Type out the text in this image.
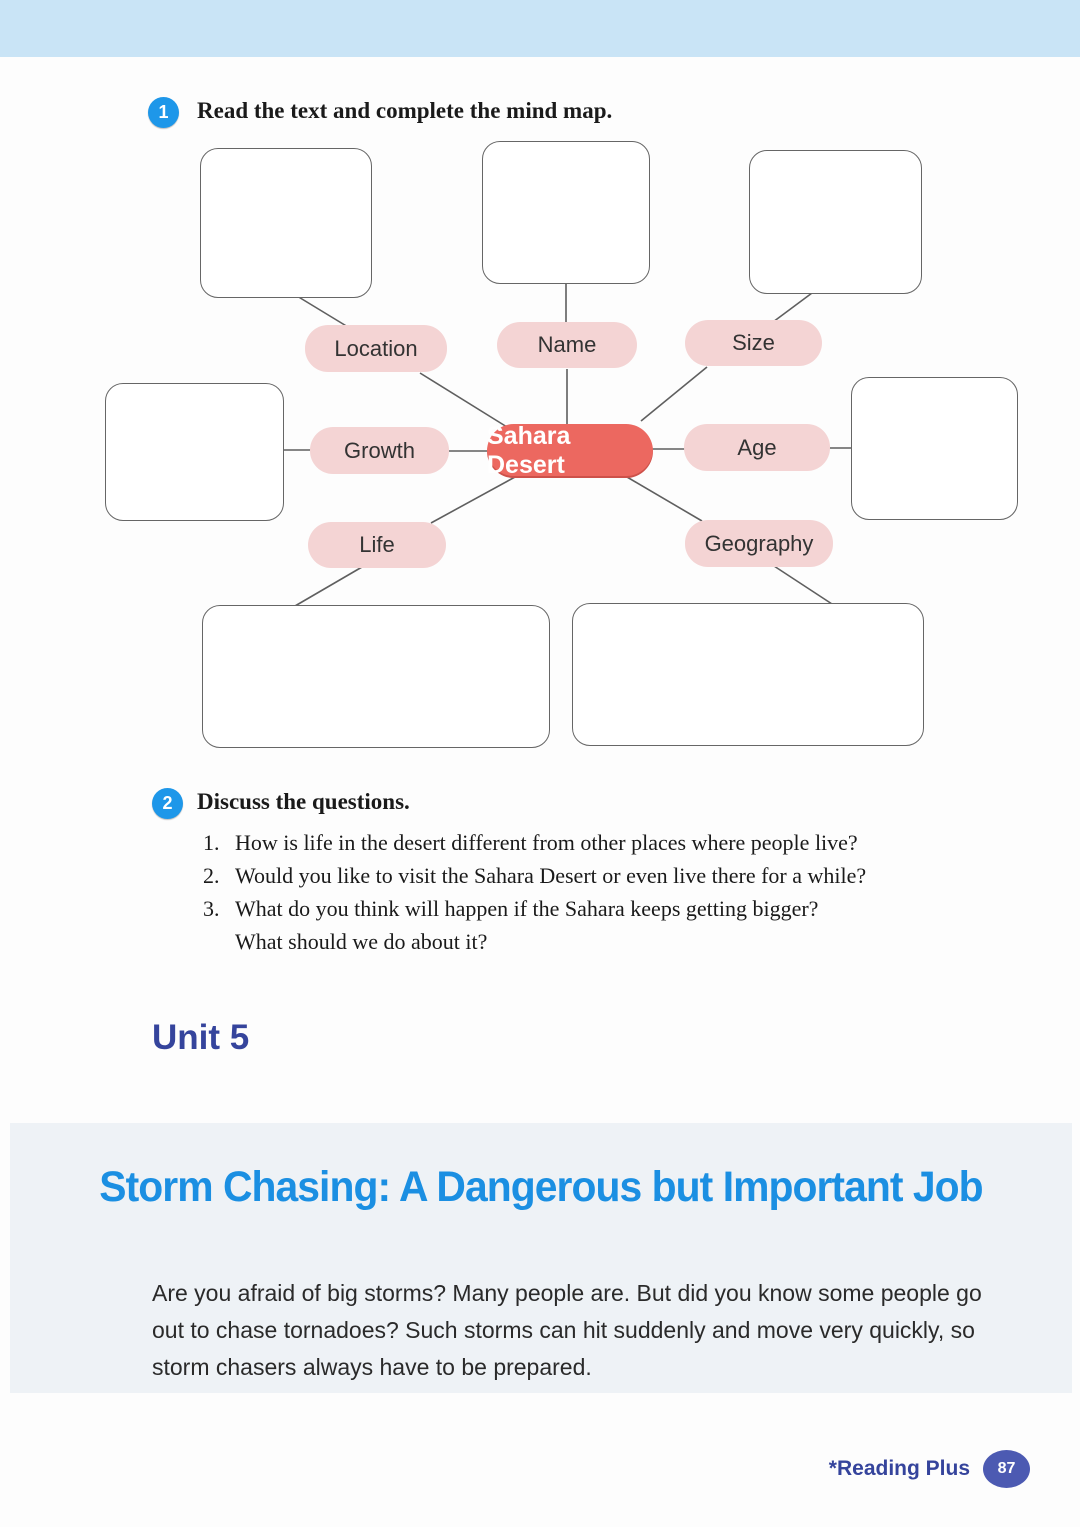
1	Read the text and complete the mind map.
Location	Name	Size
Growth	Age
Life	Geography
Sahara Desert
2	Discuss the questions.
1. How is life in the desert different from other places where people live?
2. Would you like to visit the Sahara Desert or even live there for a while?
3. What do you think will happen if the Sahara keeps getting bigger?
What should we do about it?
Unit 5
Storm Chasing: A Dangerous but Important Job
Are you afraid of big storms? Many people are. But did you know some people go out to chase tornadoes? Such storms can hit suddenly and move very quickly, so storm chasers always have to be prepared.
*Reading Plus	87
